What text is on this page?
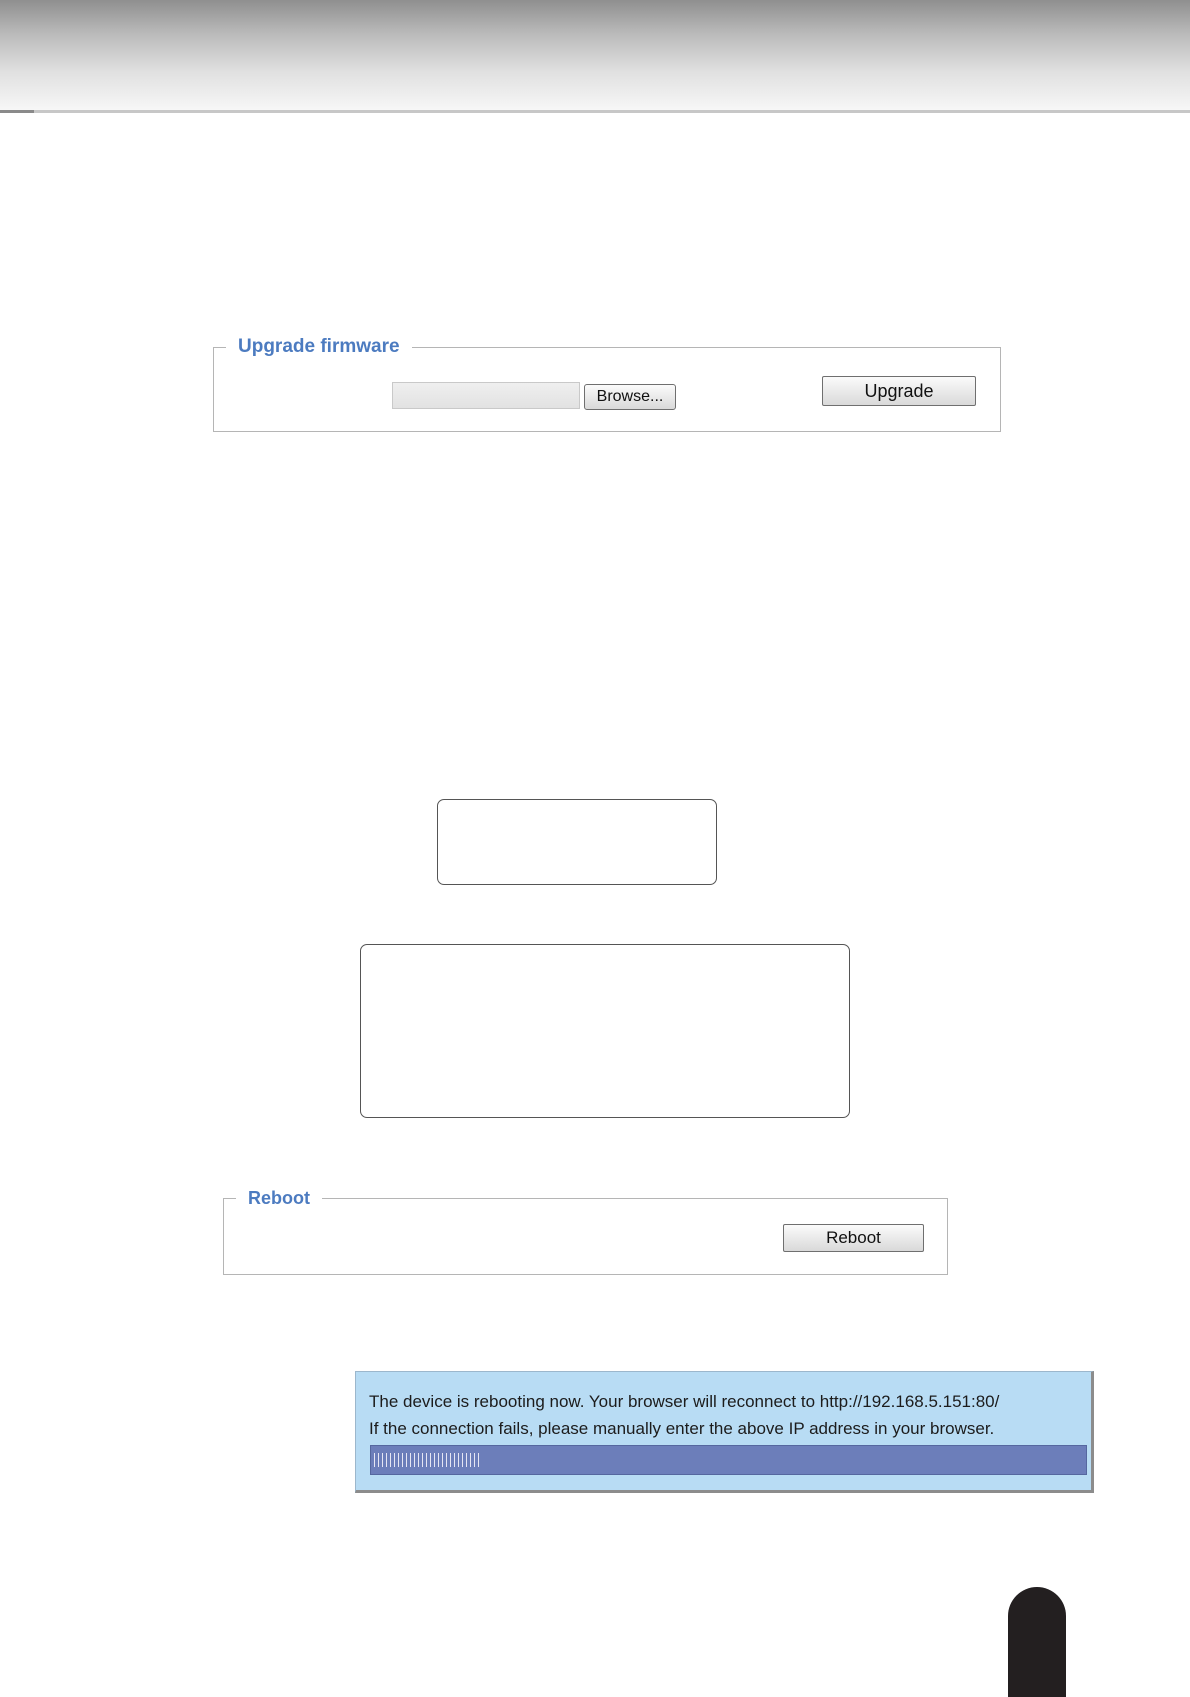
Upgrade firmware
Browse...	Upgrade
Reboot
Reboot
The device is rebooting now. Your browser will reconnect to http://192.168.5.151:80/
If the connection fails, please manually enter the above IP address in your browser.
